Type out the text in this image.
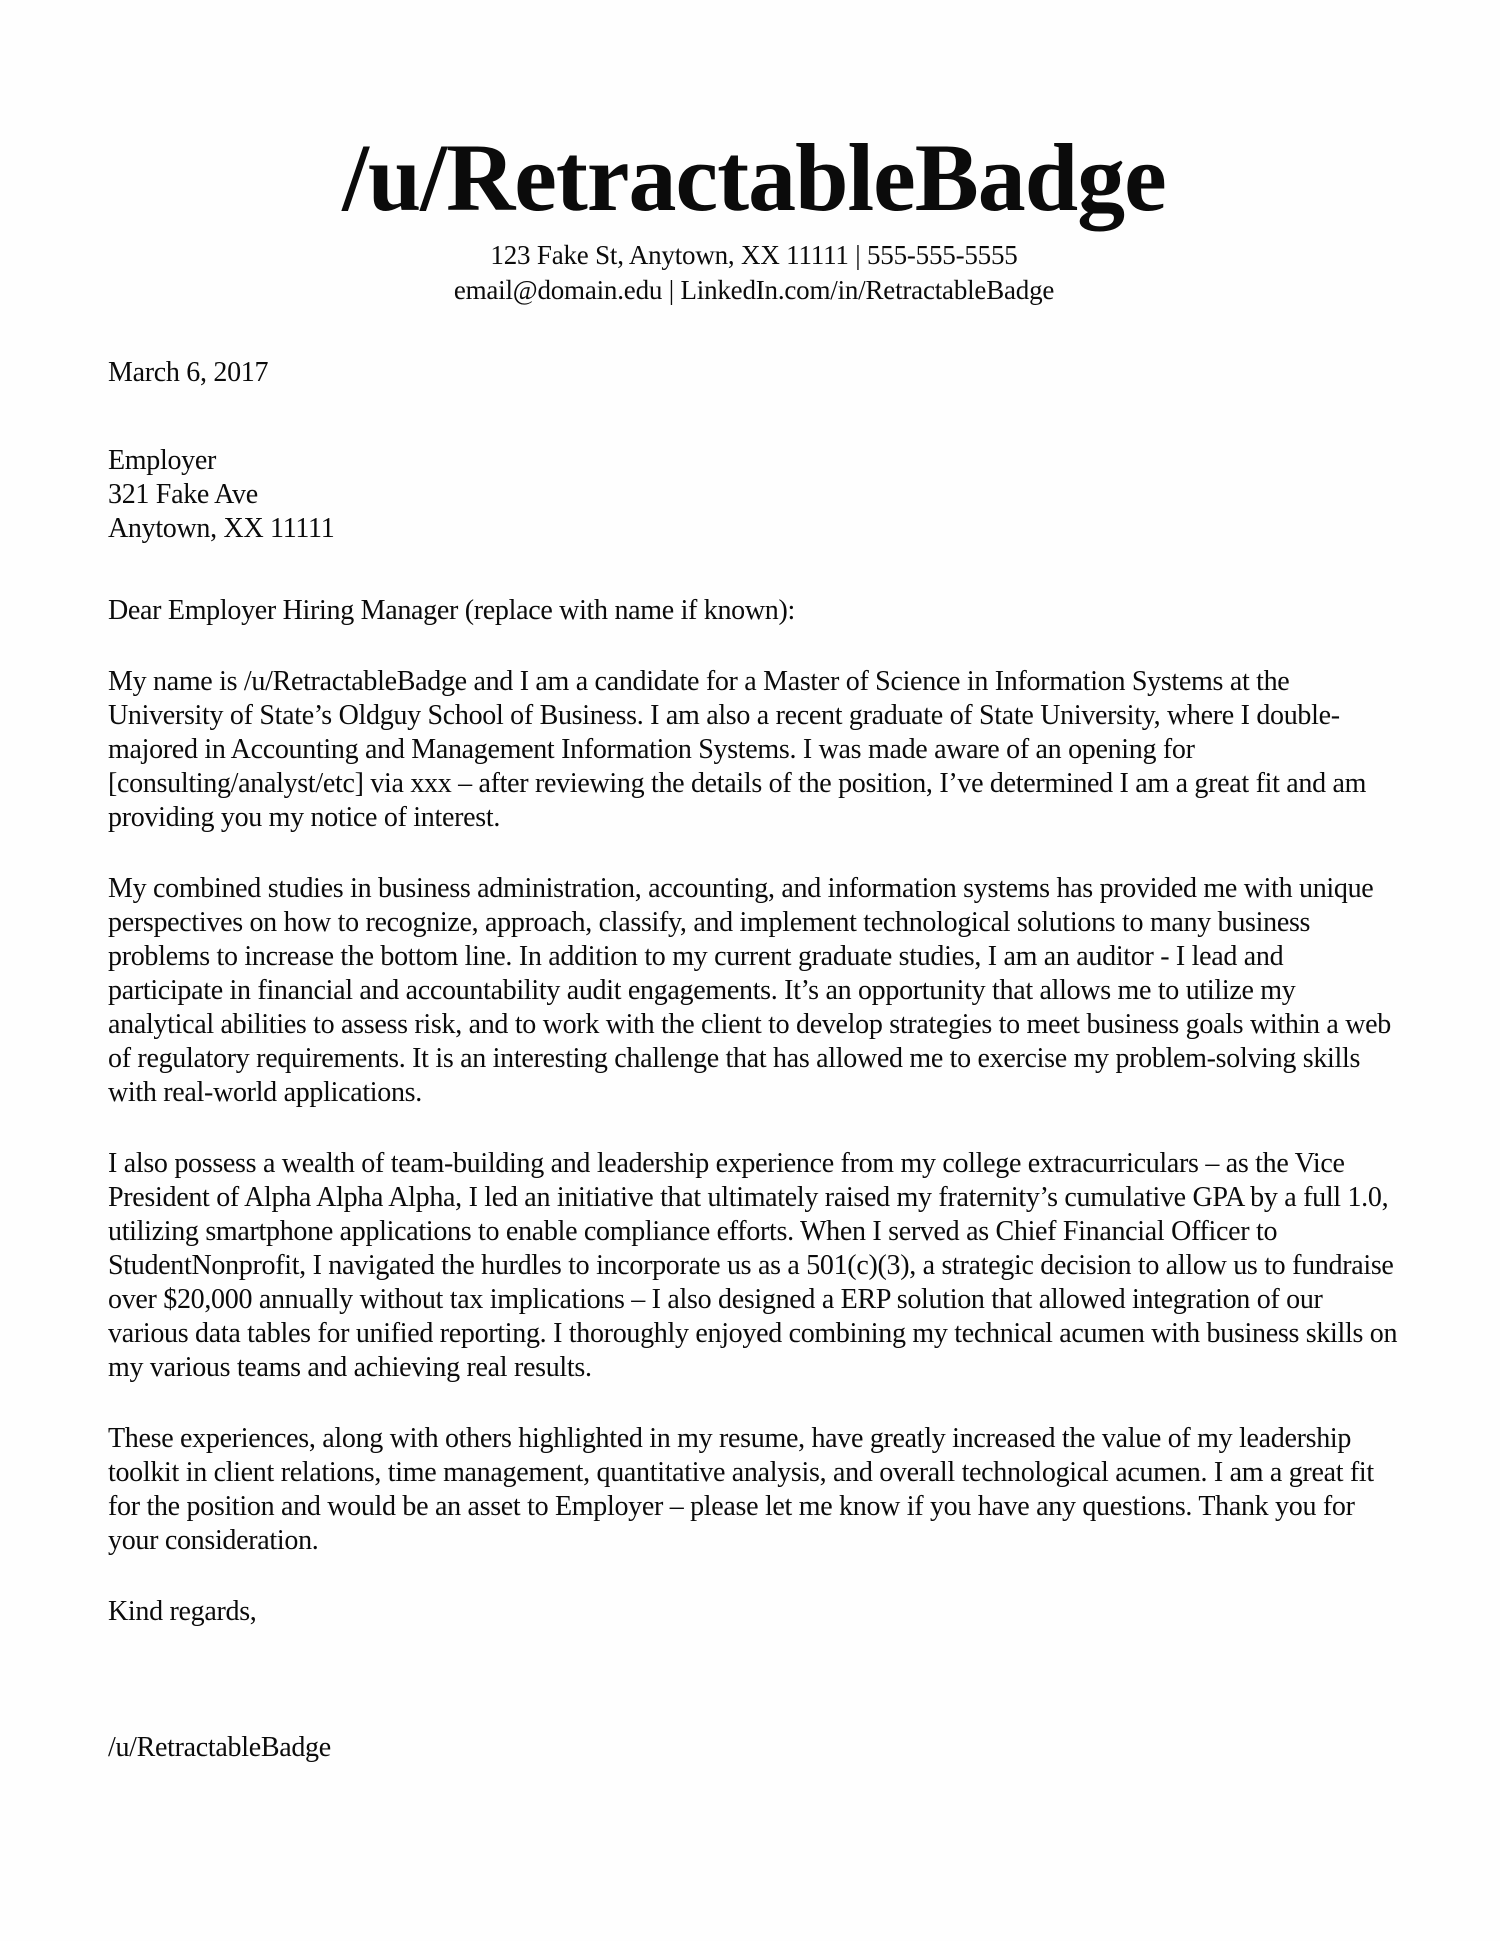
/u/RetractableBadge

123 Fake St, Anytown, XX 11111 | 555-555-5555

email@domain.edu | LinkedIn.com/in/RetractableBadge

March 6, 2017

Employer

321 Fake Ave

Anytown, XX 11111

Dear Employer Hiring Manager (replace with name if known):

My name is /u/RetractableBadge and I am a candidate for a Master of Science in Information Systems at the University of State’s Oldguy School of Business. I am also a recent graduate of State University, where I double-majored in Accounting and Management Information Systems. I was made aware of an opening for [consulting/analyst/etc] via xxx – after reviewing the details of the position, I’ve determined I am a great fit and am providing you my notice of interest.

My combined studies in business administration, accounting, and information systems has provided me with unique perspectives on how to recognize, approach, classify, and implement technological solutions to many business problems to increase the bottom line. In addition to my current graduate studies, I am an auditor - I lead and participate in financial and accountability audit engagements. It’s an opportunity that allows me to utilize my analytical abilities to assess risk, and to work with the client to develop strategies to meet business goals within a web of regulatory requirements. It is an interesting challenge that has allowed me to exercise my problem-solving skills with real-world applications.

I also possess a wealth of team-building and leadership experience from my college extracurriculars – as the Vice President of Alpha Alpha Alpha, I led an initiative that ultimately raised my fraternity’s cumulative GPA by a full 1.0, utilizing smartphone applications to enable compliance efforts. When I served as Chief Financial Officer to StudentNonprofit, I navigated the hurdles to incorporate us as a 501(c)(3), a strategic decision to allow us to fundraise over $20,000 annually without tax implications – I also designed a ERP solution that allowed integration of our various data tables for unified reporting. I thoroughly enjoyed combining my technical acumen with business skills on my various teams and achieving real results.

These experiences, along with others highlighted in my resume, have greatly increased the value of my leadership toolkit in client relations, time management, quantitative analysis, and overall technological acumen. I am a great fit for the position and would be an asset to Employer – please let me know if you have any questions. Thank you for your consideration.

Kind regards,

/u/RetractableBadge
